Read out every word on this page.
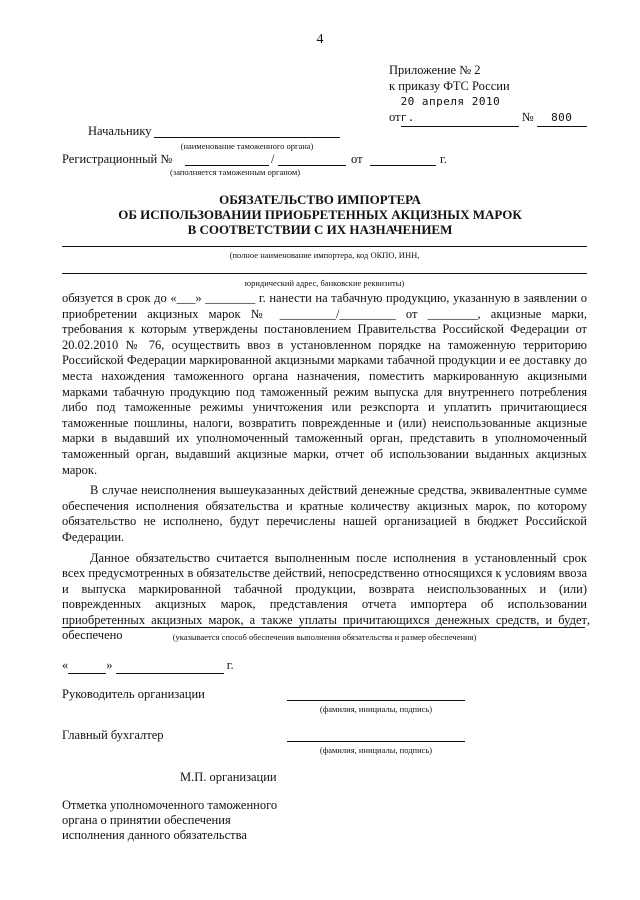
4
Приложение № 2
к приказу ФТС России
от20 апреля 2010 г.	№ 800
Начальнику
(наименование таможенного органа)
Регистрационный №	/	от	г.
(заполняется таможенным органом)
ОБЯЗАТЕЛЬСТВО ИМПОРТЕРА
ОБ ИСПОЛЬЗОВАНИИ ПРИОБРЕТЕННЫХ АКЦИЗНЫХ МАРОК
В СООТВЕТСТВИИ С ИХ НАЗНАЧЕНИЕМ
(полное наименование импортера, код ОКПО, ИНН,
юридический адрес, банковские реквизиты)

обязуется в срок до «___» ________ г. нанести на табачную продукцию, указанную в заявлении о приобретении акцизных марок № _________/_________ от ________, акцизные марки, требования к которым утверждены постановлением Правительства Российской Федерации от 20.02.2010 № 76, осуществить ввоз в установленном порядке на таможенную территорию Российской Федерации маркированной акцизными марками табачной продукции и ее доставку до места нахождения таможенного органа назначения, поместить маркированную акцизными марками табачную продукцию под таможенный режим выпуска для внутреннего потребления либо под таможенные режимы уничтожения или реэкспорта и уплатить причитающиеся таможенные пошлины, налоги, возвратить поврежденные и (или) неиспользованные акцизные марки в выдавший их уполномоченный таможенный орган, представить в уполномоченный таможенный орган, выдавший акцизные марки, отчет об использовании выданных акцизных марок.

В случае неисполнения вышеуказанных действий денежные средства, эквивалентные сумме обеспечения исполнения обязательства и кратные количеству акцизных марок, по которому обязательство не исполнено, будут перечислены нашей организацией в бюджет Российской Федерации.

Данное обязательство считается выполненным после исполнения в установленный срок всех предусмотренных в обязательстве действий, непосредственно относящихся к условиям ввоза и выпуска маркированной табачной продукции, возврата неиспользованных и (или) поврежденных акцизных марок, представления отчета импортера об использовании приобретенных акцизных марок, а также уплаты причитающихся денежных средств, и будет обеспечено

,
(указывается способ обеспечения выполнения обязательства и размер обеспечения)
«	»	г.
Руководитель организации
(фамилия, инициалы, подпись)
Главный бухгалтер
(фамилия, инициалы, подпись)
М.П. организации
Отметка уполномоченного таможенного
органа о принятии обеспечения
исполнения данного обязательства
